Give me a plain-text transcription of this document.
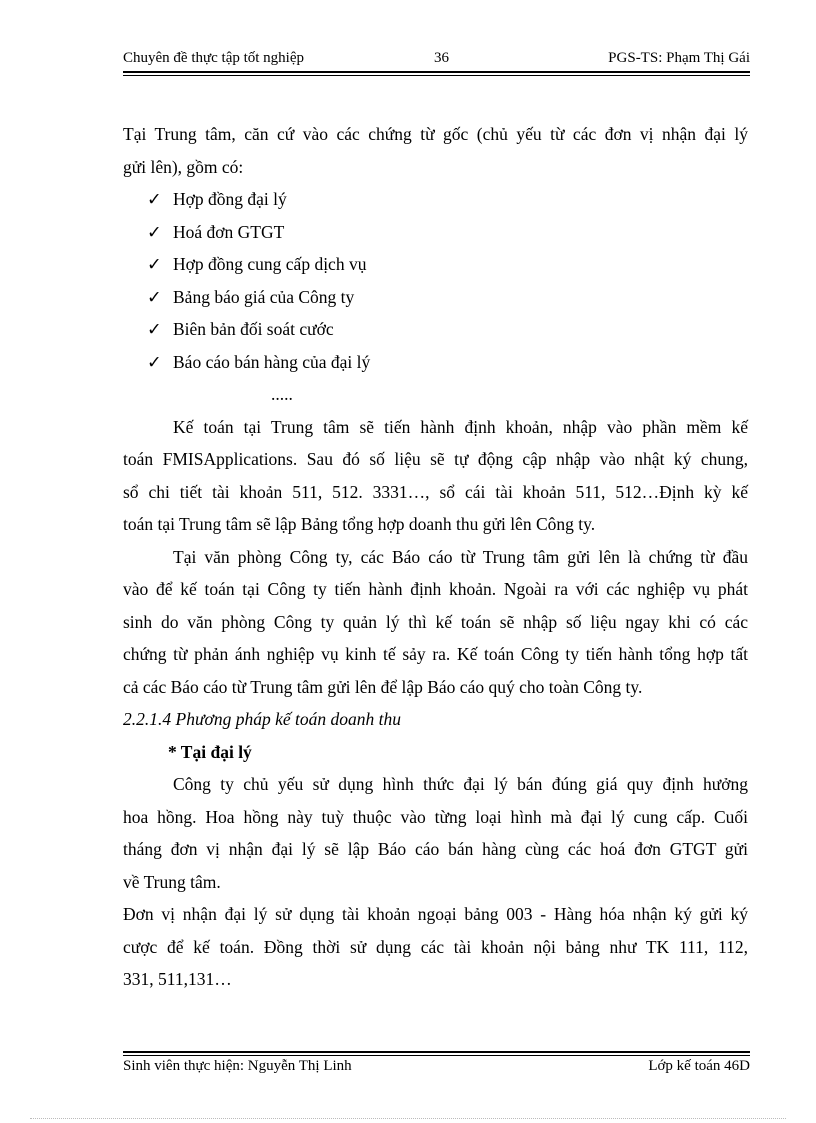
Chuyên đề thực tập tốt nghiệp	36	PGS-TS: Phạm Thị Gái
Tại Trung tâm, căn cứ vào các chứng từ gốc (chủ yếu từ các đơn vị nhận đại lý
gửi lên), gồm có:
✓ Hợp đồng đại lý
✓ Hoá đơn GTGT
✓ Hợp đồng cung cấp dịch vụ
✓ Bảng báo giá của Công ty
✓ Biên bản đối soát cước
✓ Báo cáo bán hàng của đại lý
.....
Kế toán tại Trung tâm sẽ tiến hành định khoản, nhập vào phần mềm kế
toán FMISApplications. Sau đó số liệu sẽ tự động cập nhập vào nhật ký chung,
sổ chi tiết tài khoản 511, 512. 3331…, sổ cái tài khoản 511, 512…Định kỳ kế
toán tại Trung tâm sẽ lập Bảng tổng hợp doanh thu gửi lên Công ty.
Tại văn phòng Công ty, các Báo cáo từ Trung tâm gửi lên là chứng từ đầu
vào để kế toán tại Công ty tiến hành định khoản. Ngoài ra với các nghiệp vụ phát
sinh do văn phòng Công ty quản lý thì kế toán sẽ nhập số liệu ngay khi có các
chứng từ phản ánh nghiệp vụ kinh tế sảy ra. Kế toán Công ty tiến hành tổng hợp tất
cả các Báo cáo từ Trung tâm gửi lên để lập Báo cáo quý cho toàn Công ty.
2.2.1.4 Phương pháp kế toán doanh thu
* Tại đại lý
Công ty chủ yếu sử dụng hình thức đại lý bán đúng giá quy định hưởng
hoa hồng. Hoa hồng này tuỳ thuộc vào từng loại hình mà đại lý cung cấp. Cuối
tháng đơn vị nhận đại lý sẽ lập Báo cáo bán hàng cùng các hoá đơn GTGT gửi
về Trung tâm.
Đơn vị nhận đại lý sử dụng tài khoản ngoại bảng 003 - Hàng hóa nhận ký gửi ký
cược để kế toán. Đồng thời sử dụng các tài khoản nội bảng như TK 111, 112,
331, 511,131…
Sinh viên thực hiện: Nguyễn Thị Linh	Lớp kế toán 46D
